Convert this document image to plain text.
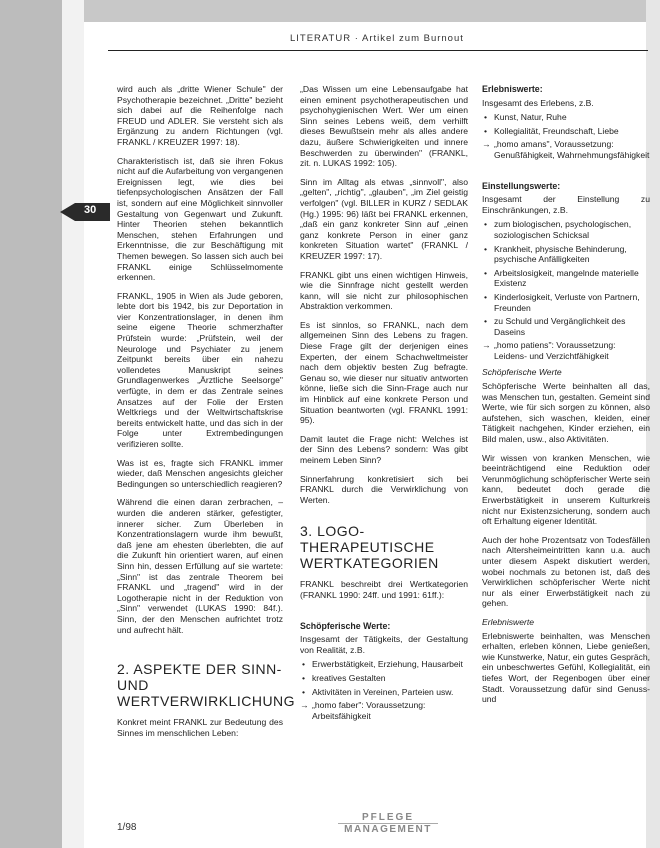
LITERATUR · Artikel zum Burnout
30

wird auch als „dritte Wiener Schule" der Psychotherapie bezeichnet. „Dritte" bezieht sich dabei auf die Reihenfolge nach FREUD und ADLER. Sie versteht sich als Ergänzung zu andern Richtungen (vgl. FRANKL / KREUZER 1997: 18).

Charakteristisch ist, daß sie ihren Fokus nicht auf die Aufarbeitung von vergangenen Ereignissen legt, wie dies bei tiefenpsychologischen Ansätzen der Fall ist, sondern auf eine Möglichkeit sinnvoller Gestaltung von Gegenwart und Zukunft. Hinter Theorien stehen bekanntlich Menschen, stehen Erfahrungen und Erkenntnisse, die zur Beschäftigung mit Themen bewegen. So lassen sich auch bei FRANKL einige Schlüsselmomente erkennen.

FRANKL, 1905 in Wien als Jude geboren, lebte dort bis 1942, bis zur Deportation in vier Konzentrationslager, in denen ihm seine eigene Theorie schmerzhafter Prüfstein wurde: „Prüfstein, weil der Neurologe und Psychiater zu jenem Zeitpunkt bereits über ein nahezu vollendetes Manuskript seines Grundlagenwerkes „Ärztliche Seelsorge" verfügte, in dem er das Zentrale seines Ansatzes auf der Folie der Ersten Weltkriegs und der Weltwirtschaftskrise bereits entwickelt hatte, und das sich in der Folge unter Extrembedingungen verifizieren sollte.

Was ist es, fragte sich FRANKL immer wieder, daß Menschen angesichts gleicher Bedingungen so unterschiedlich reagieren?

Während die einen daran zerbrachen, – wurden die anderen stärker, gefestigter, innerer sicher. Zum Überleben in Konzentrationslagern wurde ihm bewußt, daß jene am ehesten überlebten, die auf die Zukunft hin orientiert waren, auf einen Sinn hin, dessen Erfüllung auf sie wartete: „Sinn" ist das zentrale Theorem bei FRANKL und „tragend" wird in der Logotherapie nicht in der Reduktion von „Sinn" verwendet (LUKAS 1990: 84f.). Sinn, der den Menschen aufrichtet trotz und aufrecht hält.

2. ASPEKTE DER SINN- UND WERTVERWIRKLICHUNG

Konkret meint FRANKL zur Bedeutung des Sinnes im menschlichen Leben:

„Das Wissen um eine Lebensaufgabe hat einen eminent psychotherapeutischen und psychohygienischen Wert. Wer um einen Sinn seines Lebens weiß, dem verhilft dieses Bewußtsein mehr als alles andere dazu, äußere Schwierigkeiten und innere Beschwerden zu überwinden" (FRANKL, zit. n. LUKAS 1992: 105).

Sinn im Alltag als etwas „sinnvoll", also „gelten", „richtig", „glauben", „im Ziel geistig verfolgen" (vgl. BILLER in KURZ / SEDLAK (Hg.) 1995: 96) läßt bei FRANKL erkennen, „daß ein ganz konkreter Sinn auf „einen ganz konkrete Person in einer ganz konkreten Situation wartet" (FRANKL / KREUZER 1997: 17).

FRANKL gibt uns einen wichtigen Hinweis, wie die Sinnfrage nicht gestellt werden kann, will sie nicht zur philosophischen Abstraktion verkommen.

Es ist sinnlos, so FRANKL, nach dem allgemeinen Sinn des Lebens zu fragen. Diese Frage gilt der derjenigen eines Experten, der einem Schachweltmeister nach dem objektiv besten Zug befragte. Genau so, wie dieser nur situativ antworten könne, ließe sich die Sinn-Frage auch nur im Hinblick auf eine konkrete Person und Situation beantworten (vgl. FRANKL 1991: 95).

Damit lautet die Frage nicht: Welches ist der Sinn des Lebens? sondern: Was gibt meinem Leben Sinn?

Sinnerfahrung konkretisiert sich bei FRANKL durch die Verwirklichung von Werten.

3. LOGO-THERAPEUTISCHE WERTKATEGORIEN

FRANKL beschreibt drei Wertkategorien (FRANKL 1990: 24ff. und 1991: 61ff.):

Schöpferische Werte:

Insgesamt der Tätigkeits, der Gestaltung von Realität, z.B.

• Erwerbstätigkeit, Erziehung, Hausarbeit
• kreatives Gestalten
• Aktivitäten in Vereinen, Parteien usw.
→ „homo faber": Voraussetzung: Arbeitsfähigkeit
Erlebniswerte:

Insgesamt des Erlebens, z.B.

• Kunst, Natur, Ruhe
• Kollegialität, Freundschaft, Liebe
→ „homo amans", Voraussetzung: Genußfähigkeit, Wahrnehmungsfähigkeit

Einstellungswerte:

Insgesamt der Einstellung zu Einschränkungen, z.B.

• zum biologischen, psychologischen, soziologischen Schicksal
• Krankheit, physische Behinderung, psychische Anfälligkeiten
• Arbeitslosigkeit, mangelnde materielle Existenz
• Kinderlosigkeit, Verluste von Partnern, Freunden
• zu Schuld und Vergänglichkeit des Daseins
→ „homo patiens": Voraussetzung: Leidens- und Verzichtfähigkeit
Schöpferische Werte

Schöpferische Werte beinhalten all das, was Menschen tun, gestalten. Gemeint sind Werte, wie für sich sorgen zu können, also aufstehen, sich waschen, kleiden, einer Tätigkeit nachgehen, Kinder erziehen, ein Bild malen, usw., also Aktivitäten.

Wir wissen von kranken Menschen, wie beeinträchtigend eine Reduktion oder Verunmöglichung schöpferischer Werte sein kann, bedeutet doch gerade die Erwerbstätigkeit in unserem Kulturkreis nicht nur Existenzsicherung, sondern auch oft Erhaltung eigener Identität.

Auch der hohe Prozentsatz von Todesfällen nach Altersheimeintritten kann u.a. auch unter diesem Aspekt diskutiert werden, wobei nochmals zu betonen ist, daß des Verwirklichen schöpferischer Werte nicht nur als einer Erwerbstätigkeit nach zu gehen.

Erlebniswerte

Erlebniswerte beinhalten, was Menschen erhalten, erleben können, Liebe genießen, wie Kunstwerke, Natur, ein gutes Gespräch, ein unbeschwertes Gefühl, Kollegialität, ein tiefes Wort, der Regenbogen über einer Stadt. Voraussetzung dafür sind Genuss- und

1/98
PFLEGE
MANAGEMENT
